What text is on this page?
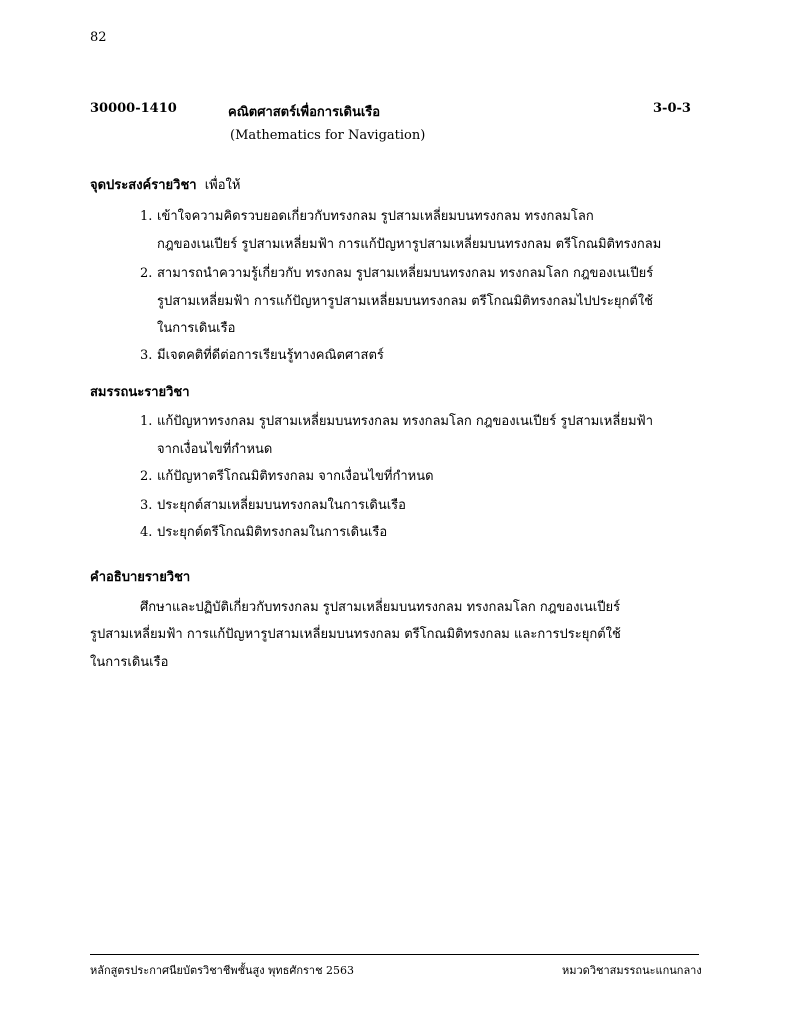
82
30000-1410	คณิตศาสตร์เพื่อการเดินเรือ	3-0-3
(Mathematics for Navigation)
จุดประสงค์รายวิชา เพื่อให้
1. เข้าใจความคิดรวบยอดเกี่ยวกับทรงกลม รูปสามเหลี่ยมบนทรงกลม ทรงกลมโลก
กฎของเนเปียร์ รูปสามเหลี่ยมฟ้า การแก้ปัญหารูปสามเหลี่ยมบนทรงกลม ตรีโกณมิติทรงกลม
2. สามารถนำความรู้เกี่ยวกับ ทรงกลม รูปสามเหลี่ยมบนทรงกลม ทรงกลมโลก กฎของเนเปียร์
รูปสามเหลี่ยมฟ้า การแก้ปัญหารูปสามเหลี่ยมบนทรงกลม ตรีโกณมิติทรงกลมไปประยุกต์ใช้
ในการเดินเรือ
3. มีเจตคติที่ดีต่อการเรียนรู้ทางคณิตศาสตร์
สมรรถนะรายวิชา
1. แก้ปัญหาทรงกลม รูปสามเหลี่ยมบนทรงกลม ทรงกลมโลก กฎของเนเปียร์ รูปสามเหลี่ยมฟ้า
จากเงื่อนไขที่กำหนด
2. แก้ปัญหาตรีโกณมิติทรงกลม จากเงื่อนไขที่กำหนด
3. ประยุกต์สามเหลี่ยมบนทรงกลมในการเดินเรือ
4. ประยุกต์ตรีโกณมิติทรงกลมในการเดินเรือ
คำอธิบายรายวิชา
ศึกษาและปฏิบัติเกี่ยวกับทรงกลม รูปสามเหลี่ยมบนทรงกลม ทรงกลมโลก กฎของเนเปียร์
รูปสามเหลี่ยมฟ้า การแก้ปัญหารูปสามเหลี่ยมบนทรงกลม ตรีโกณมิติทรงกลม และการประยุกต์ใช้
ในการเดินเรือ
หลักสูตรประกาศนียบัตรวิชาชีพชั้นสูง พุทธศักราช 2563	หมวดวิชาสมรรถนะแกนกลาง
